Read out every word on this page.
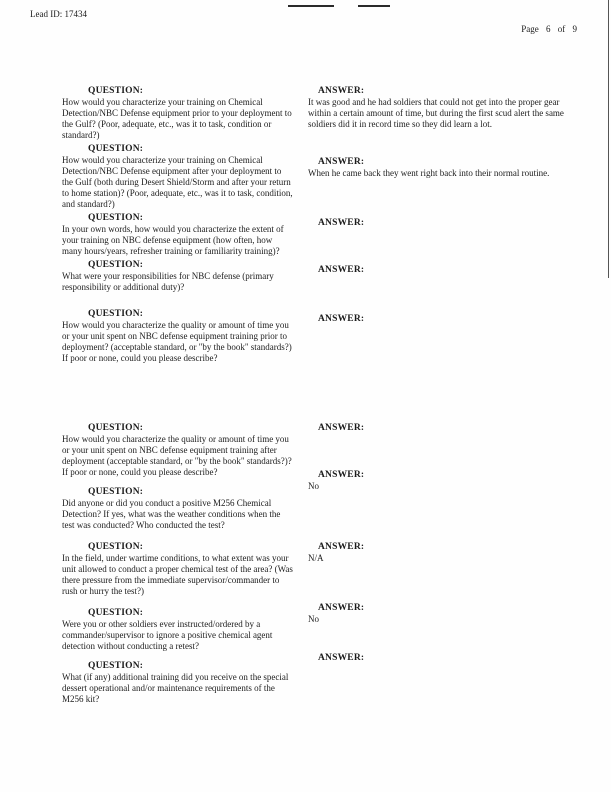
Lead ID: 17434
Page 6 of 9
QUESTION:
How would you characterize your training on Chemical Detection/NBC Defense equipment prior to your deployment to the Gulf? (Poor, adequate, etc., was it to task, condition or standard?)
ANSWER:
It was good and he had soldiers that could not get into the proper gear within a certain amount of time, but during the first scud alert the same soldiers did it in record time so they did learn a lot.
QUESTION:
How would you characterize your training on Chemical Detection/NBC Defense equipment after your deployment to the Gulf (both during Desert Shield/Storm and after your return to home station)? (Poor, adequate, etc., was it to task, condition, and standard?)
ANSWER:
When he came back they went right back into their normal routine.
QUESTION:
In your own words, how would you characterize the extent of your training on NBC defense equipment (how often, how many hours/years, refresher training or familiarity training)?
ANSWER:
QUESTION:
What were your responsibilities for NBC defense (primary responsibility or additional duty)?
ANSWER:
QUESTION:
How would you characterize the quality or amount of time you or your unit spent on NBC defense equipment training prior to deployment? (acceptable standard, or "by the book" standards?) If poor or none, could you please describe?
ANSWER:
QUESTION:
How would you characterize the quality or amount of time you or your unit spent on NBC defense equipment training after deployment (acceptable standard, or "by the book" standards?)? If poor or none, could you please describe?
ANSWER:
QUESTION:
Did anyone or did you conduct a positive M256 Chemical Detection? If yes, what was the weather conditions when the test was conducted? Who conducted the test?
ANSWER:
No
QUESTION:
In the field, under wartime conditions, to what extent was your unit allowed to conduct a proper chemical test of the area? (Was there pressure from the immediate supervisor/commander to rush or hurry the test?)
ANSWER:
N/A
QUESTION:
Were you or other soldiers ever instructed/ordered by a commander/supervisor to ignore a positive chemical agent detection without conducting a retest?
ANSWER:
No
QUESTION:
What (if any) additional training did you receive on the special dessert operational and/or maintenance requirements of the M256 kit?
ANSWER:
